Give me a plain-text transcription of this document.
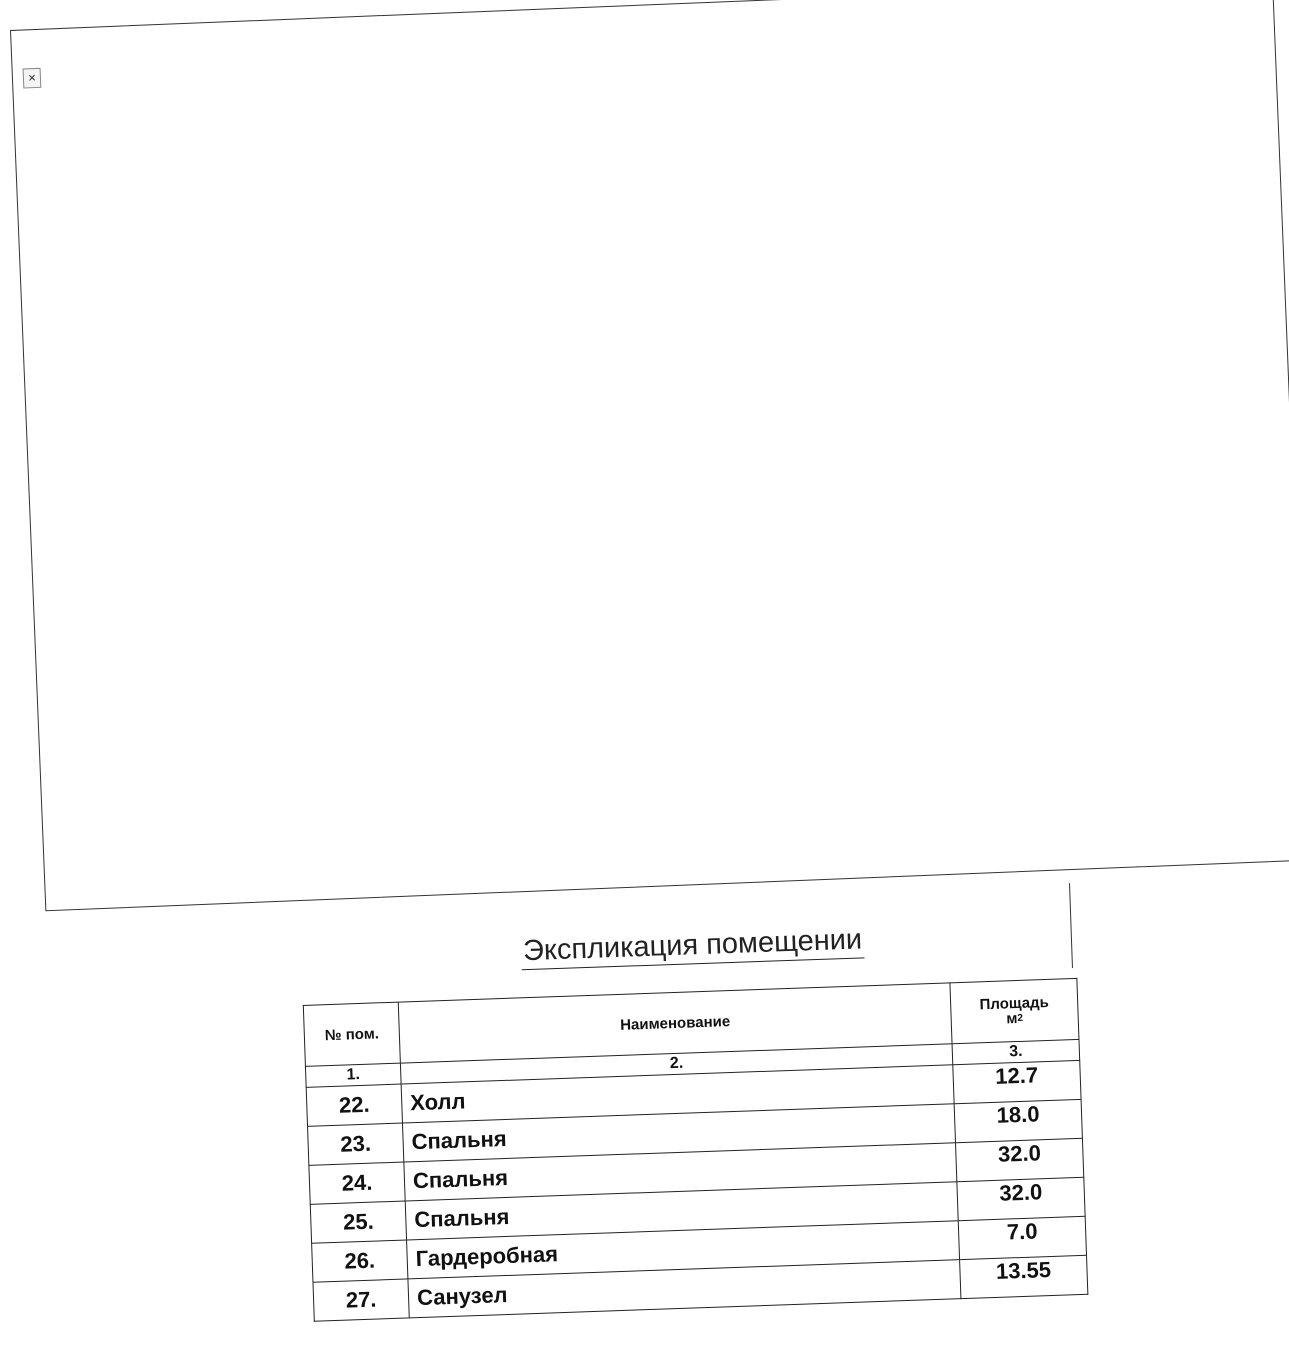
×
Экспликация помещении
№ пом.	Наименование	Площадь
$м^2$
1.	2.	3.
22.	Холл	12.7
23.	Спальня	18.0
24.	Спальня	32.0
25.	Спальня	32.0
26.	Гардеробная	7.0
27.	Санузел	13.55
